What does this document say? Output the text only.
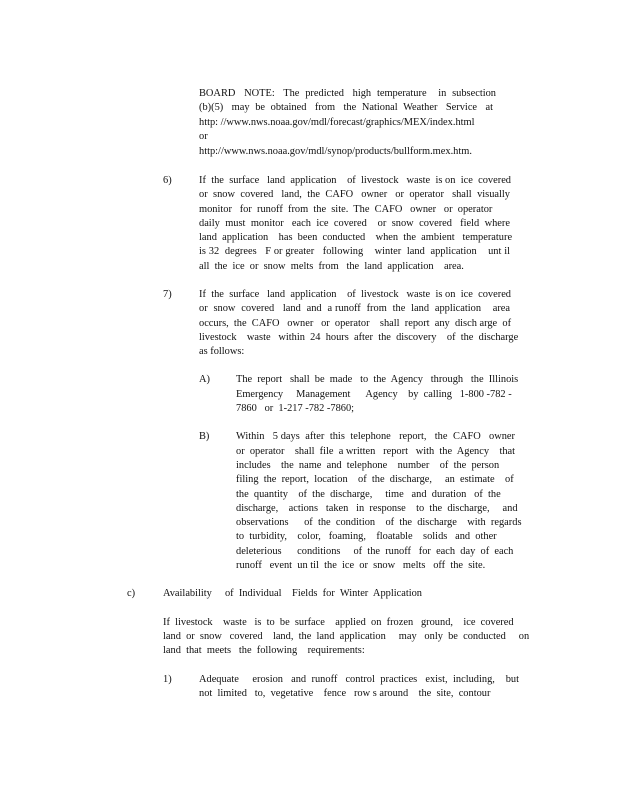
BOARD   NOTE:   The  predicted   high  temperature    in  subsection
(b)(5)   may  be  obtained   from   the  National  Weather   Service   at
http: //www.nws.noaa.gov/mdl/forecast/graphics/MEX/index.html
or
http://www.nws.noaa.gov/mdl/synop/products/bullform.mex.htm.
6)	If  the  surface   land  application    of  livestock   waste  is on  ice  covered
or  snow  covered   land,  the  CAFO   owner   or  operator   shall  visually
monitor   for  runoff  from  the  site.  The  CAFO   owner   or  operator
daily  must  monitor   each  ice  covered    or  snow  covered   field  where
land  application    has  been  conducted    when  the  ambient   temperature
is 32  degrees   F or greater   following    winter  land  application    unt il
all  the  ice  or  snow  melts  from   the  land  application    area.
7)	If  the  surface   land  application    of  livestock   waste  is on  ice  covered
or  snow  covered   land  and  a runoff  from  the  land  application    area
occurs,  the  CAFO   owner   or  operator    shall  report  any  disch arge  of
livestock    waste   within  24  hours  after  the  discovery    of  the  discharge
as follows:
A)	The  report   shall  be  made   to  the  Agency   through   the  Illinois
Emergency     Management      Agency    by  calling   1-800 -782 -
7860   or  1-217 -782 -7860;
B)	Within   5 days  after  this  telephone   report,   the  CAFO   owner
or  operator    shall  file  a written   report   with  the  Agency    that
includes    the  name  and  telephone    number    of  the  person
filing  the  report,  location    of  the  discharge,     an  estimate    of
the  quantity    of  the  discharge,     time   and  duration   of  the
discharge,    actions   taken   in  response    to  the  discharge,     and
observations      of  the  condition    of  the  discharge    with  regards
to  turbidity,    color,   foaming,    floatable    solids   and  other
deleterious      conditions     of  the  runoff   for  each  day  of  each
runoff   event  un til  the  ice  or  snow   melts   off  the  site.
c)	Availability     of  Individual    Fields  for  Winter  Application
If  livestock    waste   is  to  be  surface    applied  on  frozen   ground,    ice  covered
land  or  snow   covered    land,  the  land  application     may   only  be  conducted     on
land  that  meets   the  following    requirements:
1)	Adequate     erosion   and  runoff   control  practices   exist,  including,    but
not  limited   to,  vegetative    fence   row s around    the  site,  contour
